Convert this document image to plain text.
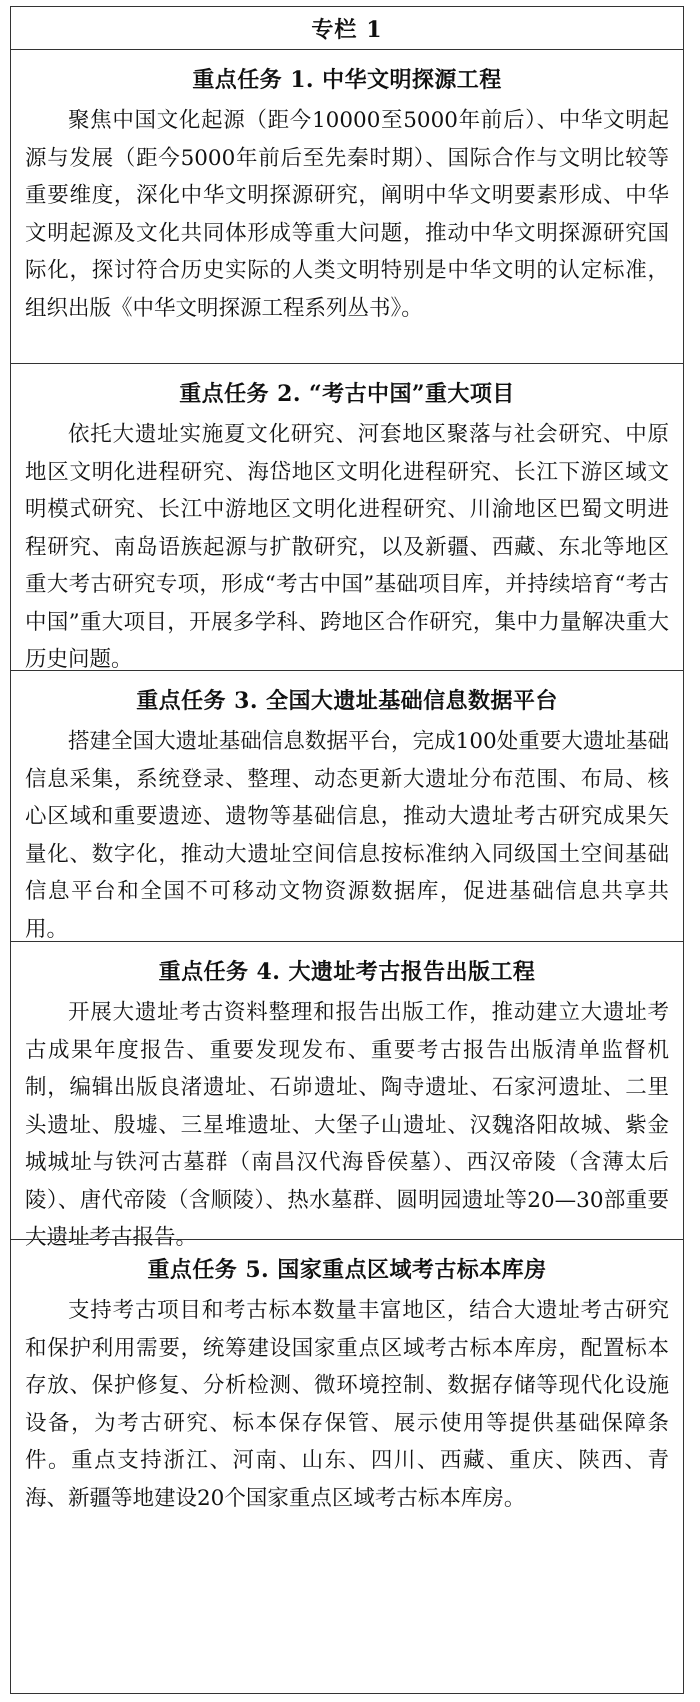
专栏 1
重点任务 1. 中华文明探源工程
聚焦中国文化起源（距今10000至5000年前后）、中华文明起源与发展（距今5000年前后至先秦时期）、国际合作与文明比较等重要维度，深化中华文明探源研究，阐明中华文明要素形成、中华文明起源及文化共同体形成等重大问题，推动中华文明探源研究国际化，探讨符合历史实际的人类文明特别是中华文明的认定标准，组织出版《中华文明探源工程系列丛书》。
重点任务 2. “考古中国”重大项目
依托大遗址实施夏文化研究、河套地区聚落与社会研究、中原地区文明化进程研究、海岱地区文明化进程研究、长江下游区域文明模式研究、长江中游地区文明化进程研究、川渝地区巴蜀文明进程研究、南岛语族起源与扩散研究，以及新疆、西藏、东北等地区重大考古研究专项，形成“考古中国”基础项目库，并持续培育“考古中国”重大项目，开展多学科、跨地区合作研究，集中力量解决重大历史问题。
重点任务 3. 全国大遗址基础信息数据平台
搭建全国大遗址基础信息数据平台，完成100处重要大遗址基础信息采集，系统登录、整理、动态更新大遗址分布范围、布局、核心区域和重要遗迹、遗物等基础信息，推动大遗址考古研究成果矢量化、数字化，推动大遗址空间信息按标准纳入同级国土空间基础信息平台和全国不可移动文物资源数据库，促进基础信息共享共用。
重点任务 4. 大遗址考古报告出版工程
开展大遗址考古资料整理和报告出版工作，推动建立大遗址考古成果年度报告、重要发现发布、重要考古报告出版清单监督机制，编辑出版良渚遗址、石峁遗址、陶寺遗址、石家河遗址、二里头遗址、殷墟、三星堆遗址、大堡子山遗址、汉魏洛阳故城、紫金城城址与铁河古墓群（南昌汉代海昏侯墓）、西汉帝陵（含薄太后陵）、唐代帝陵（含顺陵）、热水墓群、圆明园遗址等20—30部重要大遗址考古报告。
重点任务 5. 国家重点区域考古标本库房
支持考古项目和考古标本数量丰富地区，结合大遗址考古研究和保护利用需要，统筹建设国家重点区域考古标本库房，配置标本存放、保护修复、分析检测、微环境控制、数据存储等现代化设施设备，为考古研究、标本保存保管、展示使用等提供基础保障条件。重点支持浙江、河南、山东、四川、西藏、重庆、陕西、青海、新疆等地建设20个国家重点区域考古标本库房。
